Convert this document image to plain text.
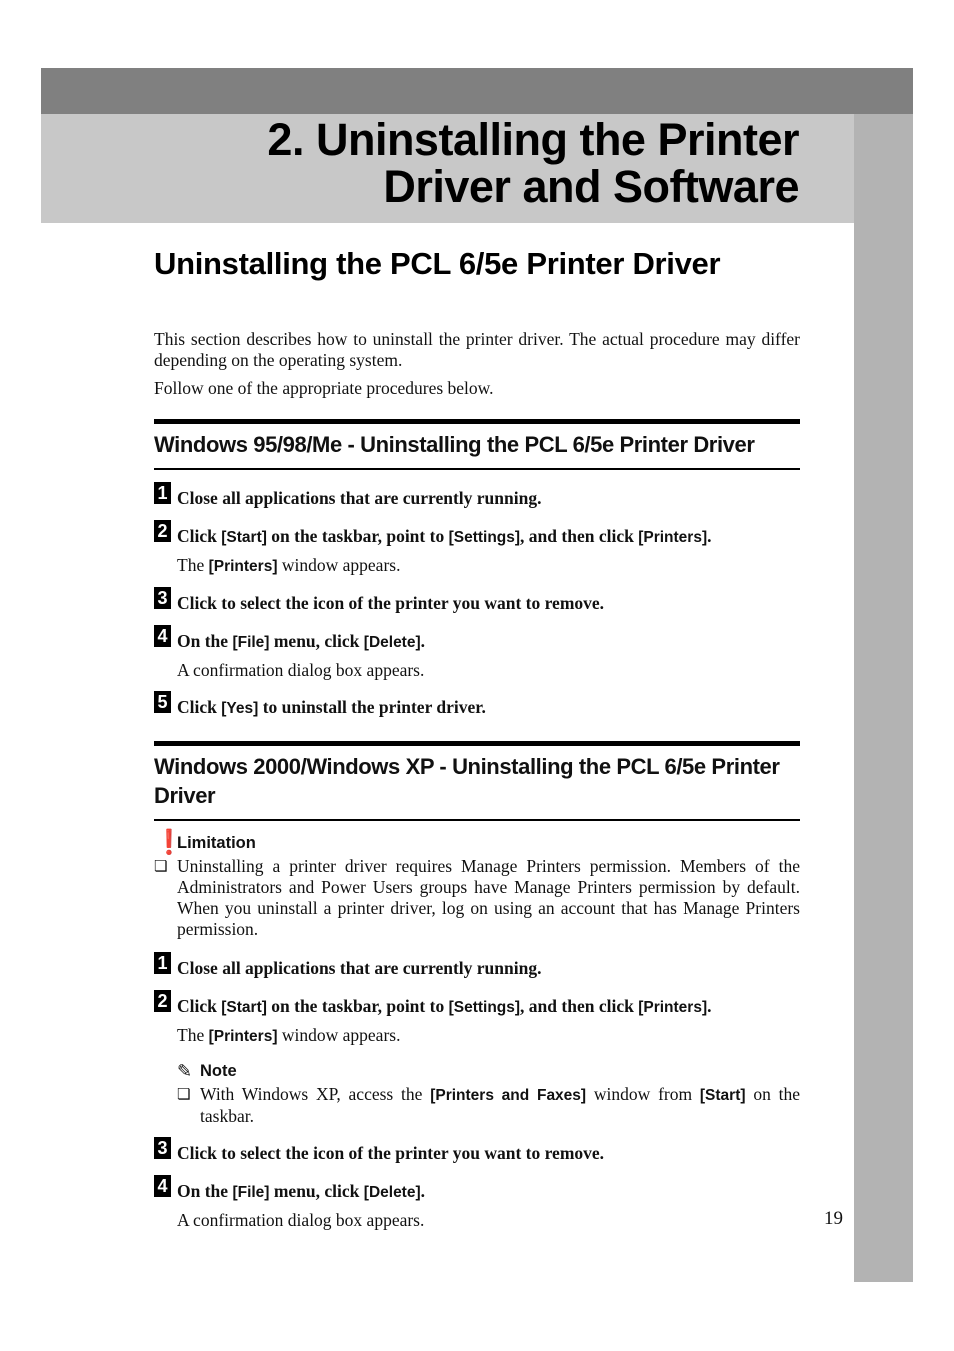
2. Uninstalling the Printer
Driver and Software
Uninstalling the PCL 6/5e Printer Driver

This section describes how to uninstall the printer driver. The actual procedure may differ depending on the operating system.

Follow one of the appropriate procedures below.

Windows 95/98/Me - Uninstalling the PCL 6/5e Printer Driver
1 Close all applications that are currently running.
2 Click [Start] on the taskbar, point to [Settings], and then click [Printers].

The [Printers] window appears.

3 Click to select the icon of the printer you want to remove.
4 On the [File] menu, click [Delete].

A confirmation dialog box appears.

5 Click [Yes] to uninstall the printer driver.
Windows 2000/Windows XP - Uninstalling the PCL 6/5e Printer Driver
❗
Limitation
❏ Uninstalling a printer driver requires Manage Printers permission. Members of the Administrators and Power Users groups have Manage Printers permission by default. When you uninstall a printer driver, log on using an account that has Manage Printers permission.
1 Close all applications that are currently running.
2 Click [Start] on the taskbar, point to [Settings], and then click [Printers].

The [Printers] window appears.

✎ Note
❏ With Windows XP, access the [Printers and Faxes] window from [Start] on the taskbar.
3 Click to select the icon of the printer you want to remove.
4 On the [File] menu, click [Delete].

A confirmation dialog box appears.	19
